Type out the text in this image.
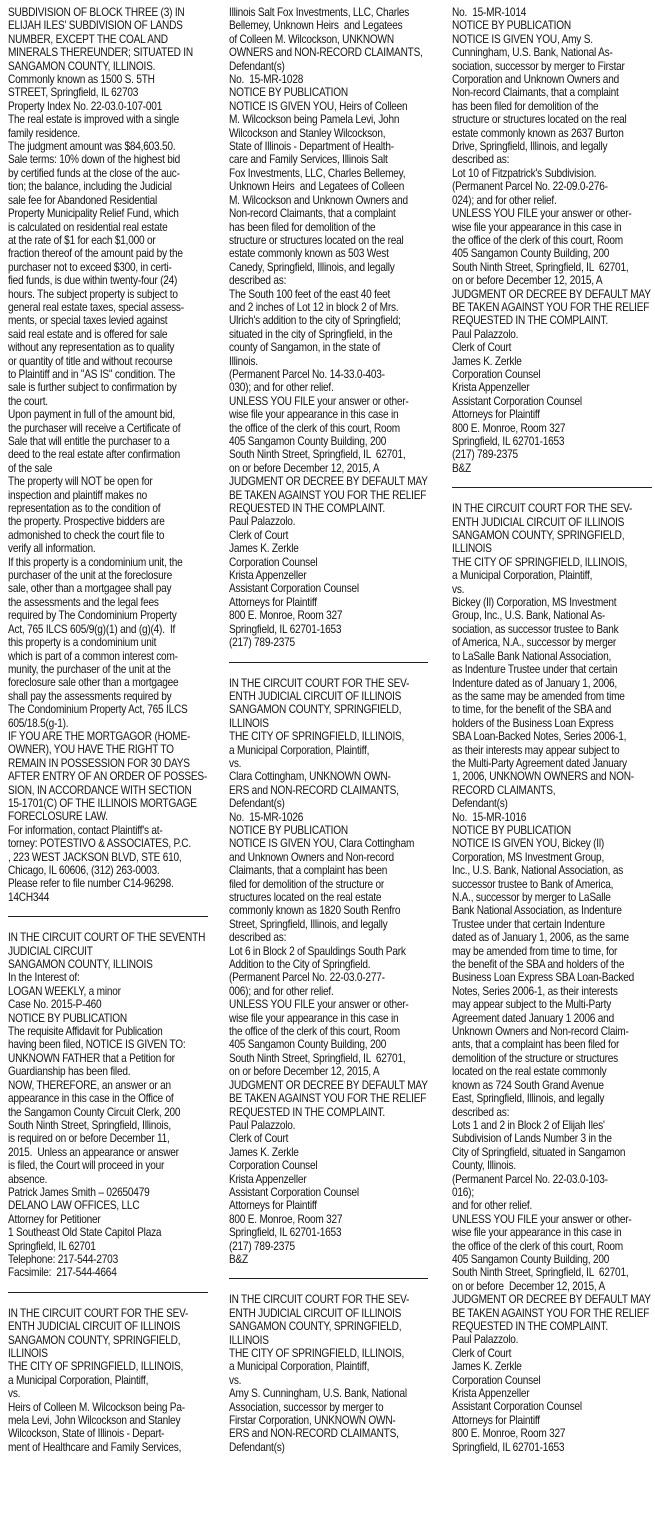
SUBDIVISION OF BLOCK THREE (3) IN
ELIJAH ILES' SUBDIVISION OF LANDS
NUMBER, EXCEPT THE COAL AND
MINERALS THEREUNDER; SITUATED IN
SANGAMON COUNTY, ILLINOIS.
Commonly known as 1500 S. 5TH
STREET, Springfield, IL 62703
Property Index No. 22-03.0-107-001
The real estate is improved with a single
family residence.
The judgment amount was $84,603.50.
Sale terms: 10% down of the highest bid
by certified funds at the close of the auc-
tion; the balance, including the Judicial
sale fee for Abandoned Residential
Property Municipality Relief Fund, which
is calculated on residential real estate
at the rate of $1 for each $1,000 or
fraction thereof of the amount paid by the
purchaser not to exceed $300, in certi-
fied funds, is due within twenty-four (24)
hours. The subject property is subject to
general real estate taxes, special assess-
ments, or special taxes levied against
said real estate and is offered for sale
without any representation as to quality
or quantity of title and without recourse
to Plaintiff and in "AS IS" condition. The
sale is further subject to confirmation by
the court.
Upon payment in full of the amount bid,
the purchaser will receive a Certificate of
Sale that will entitle the purchaser to a
deed to the real estate after confirmation
of the sale
The property will NOT be open for
inspection and plaintiff makes no
representation as to the condition of
the property. Prospective bidders are
admonished to check the court file to
verify all information.
If this property is a condominium unit, the
purchaser of the unit at the foreclosure
sale, other than a mortgagee shall pay
the assessments and the legal fees
required by The Condominium Property
Act, 765 ILCS 605/9(g)(1) and (g)(4).  If
this property is a condominium unit
which is part of a common interest com-
munity, the purchaser of the unit at the
foreclosure sale other than a mortgagee
shall pay the assessments required by
The Condominium Property Act, 765 ILCS
605/18.5(g-1).
IF YOU ARE THE MORTGAGOR (HOME-
OWNER), YOU HAVE THE RIGHT TO
REMAIN IN POSSESSION FOR 30 DAYS
AFTER ENTRY OF AN ORDER OF POSSES-
SION, IN ACCORDANCE WITH SECTION
15-1701(C) OF THE ILLINOIS MORTGAGE
FORECLOSURE LAW.
For information, contact Plaintiff's at-
torney: POTESTIVO & ASSOCIATES, P.C.
, 223 WEST JACKSON BLVD, STE 610,
Chicago, IL 60606, (312) 263-0003.
Please refer to file number C14-96298.
14CH344
IN THE CIRCUIT COURT OF THE SEVENTH
JUDICIAL CIRCUIT
SANGAMON COUNTY, ILLINOIS
In the Interest of:
LOGAN WEEKLY, a minor
Case No. 2015-P-460
NOTICE BY PUBLICATION
The requisite Affidavit for Publication
having been filed, NOTICE IS GIVEN TO:
UNKNOWN FATHER that a Petition for
Guardianship has been filed.
NOW, THEREFORE, an answer or an
appearance in this case in the Office of
the Sangamon County Circuit Clerk, 200
South Ninth Street, Springfield, Illinois,
is required on or before December 11,
2015.  Unless an appearance or answer
is filed, the Court will proceed in your
absence.
Patrick James Smith – 02650479
DELANO LAW OFFICES, LLC
Attorney for Petitioner
1 Southeast Old State Capitol Plaza
Springfield, IL 62701
Telephone: 217-544-2703
Facsimile:  217-544-4664
IN THE CIRCUIT COURT FOR THE SEV-
ENTH JUDICIAL CIRCUIT OF ILLINOIS
SANGAMON COUNTY, SPRINGFIELD,
ILLINOIS
THE CITY OF SPRINGFIELD, ILLINOIS,
a Municipal Corporation, Plaintiff,
vs.
Heirs of Colleen M. Wilcockson being Pa-
mela Levi, John Wilcockson and Stanley
Wilcockson, State of Illinois - Depart-
ment of Healthcare and Family Services,
Illinois Salt Fox Investments, LLC, Charles
Bellemey, Unknown Heirs  and Legatees
of Colleen M. Wilcockson, UNKNOWN
OWNERS and NON-RECORD CLAIMANTS,
Defendant(s)
No.  15-MR-1028
NOTICE BY PUBLICATION
NOTICE IS GIVEN YOU, Heirs of Colleen
M. Wilcockson being Pamela Levi, John
Wilcockson and Stanley Wilcockson,
State of Illinois - Department of Health-
care and Family Services, Illinois Salt
Fox Investments, LLC, Charles Bellemey,
Unknown Heirs  and Legatees of Colleen
M. Wilcockson and Unknown Owners and
Non-record Claimants, that a complaint
has been filed for demolition of the
structure or structures located on the real
estate commonly known as 503 West
Canedy, Springfield, Illinois, and legally
described as:
The South 100 feet of the east 40 feet
and 2 inches of Lot 12 in block 2 of Mrs.
Ulrich's addition to the city of Springfield;
situated in the city of Springfield, in the
county of Sangamon, in the state of
Illinois.
(Permanent Parcel No. 14-33.0-403-
030); and for other relief.
UNLESS YOU FILE your answer or other-
wise file your appearance in this case in
the office of the clerk of this court, Room
405 Sangamon County Building, 200
South Ninth Street, Springfield, IL  62701,
on or before December 12, 2015, A
JUDGMENT OR DECREE BY DEFAULT MAY
BE TAKEN AGAINST YOU FOR THE RELIEF
REQUESTED IN THE COMPLAINT.
Paul Palazzolo.
Clerk of Court
James K. Zerkle
Corporation Counsel
Krista Appenzeller
Assistant Corporation Counsel
Attorneys for Plaintiff
800 E. Monroe, Room 327
Springfield, IL 62701-1653
(217) 789-2375
IN THE CIRCUIT COURT FOR THE SEV-
ENTH JUDICIAL CIRCUIT OF ILLINOIS
SANGAMON COUNTY, SPRINGFIELD,
ILLINOIS
THE CITY OF SPRINGFIELD, ILLINOIS,
a Municipal Corporation, Plaintiff,
vs.
Clara Cottingham, UNKNOWN OWN-
ERS and NON-RECORD CLAIMANTS,
Defendant(s)
No.  15-MR-1026
NOTICE BY PUBLICATION
NOTICE IS GIVEN YOU, Clara Cottingham
and Unknown Owners and Non-record
Claimants, that a complaint has been
filed for demolition of the structure or
structures located on the real estate
commonly known as 1820 South Renfro
Street, Springfield, Illinois, and legally
described as:
Lot 6 in Block 2 of Spauldings South Park
Addition to the City of Springfield.
(Permanent Parcel No. 22-03.0-277-
006); and for other relief.
UNLESS YOU FILE your answer or other-
wise file your appearance in this case in
the office of the clerk of this court, Room
405 Sangamon County Building, 200
South Ninth Street, Springfield, IL  62701,
on or before December 12, 2015, A
JUDGMENT OR DECREE BY DEFAULT MAY
BE TAKEN AGAINST YOU FOR THE RELIEF
REQUESTED IN THE COMPLAINT.
Paul Palazzolo.
Clerk of Court
James K. Zerkle
Corporation Counsel
Krista Appenzeller
Assistant Corporation Counsel
Attorneys for Plaintiff
800 E. Monroe, Room 327
Springfield, IL 62701-1653
(217) 789-2375
B&Z
IN THE CIRCUIT COURT FOR THE SEV-
ENTH JUDICIAL CIRCUIT OF ILLINOIS
SANGAMON COUNTY, SPRINGFIELD,
ILLINOIS
THE CITY OF SPRINGFIELD, ILLINOIS,
a Municipal Corporation, Plaintiff,
vs.
Amy S. Cunningham, U.S. Bank, National
Association, successor by merger to
Firstar Corporation, UNKNOWN OWN-
ERS and NON-RECORD CLAIMANTS,
Defendant(s)
No.  15-MR-1014
NOTICE BY PUBLICATION
NOTICE IS GIVEN YOU, Amy S.
Cunningham, U.S. Bank, National As-
sociation, successor by merger to Firstar
Corporation and Unknown Owners and
Non-record Claimants, that a complaint
has been filed for demolition of the
structure or structures located on the real
estate commonly known as 2637 Burton
Drive, Springfield, Illinois, and legally
described as:
Lot 10 of Fitzpatrick's Subdivision.
(Permanent Parcel No. 22-09.0-276-
024); and for other relief.
UNLESS YOU FILE your answer or other-
wise file your appearance in this case in
the office of the clerk of this court, Room
405 Sangamon County Building, 200
South Ninth Street, Springfield, IL  62701,
on or before December 12, 2015, A
JUDGMENT OR DECREE BY DEFAULT MAY
BE TAKEN AGAINST YOU FOR THE RELIEF
REQUESTED IN THE COMPLAINT.
Paul Palazzolo.
Clerk of Court
James K. Zerkle
Corporation Counsel
Krista Appenzeller
Assistant Corporation Counsel
Attorneys for Plaintiff
800 E. Monroe, Room 327
Springfield, IL 62701-1653
(217) 789-2375
B&Z
IN THE CIRCUIT COURT FOR THE SEV-
ENTH JUDICIAL CIRCUIT OF ILLINOIS
SANGAMON COUNTY, SPRINGFIELD,
ILLINOIS
THE CITY OF SPRINGFIELD, ILLINOIS,
a Municipal Corporation, Plaintiff,
vs.
Bickey (Il) Corporation, MS Investment
Group, Inc., U.S. Bank, National As-
sociation, as successor trustee to Bank
of America, N.A., successor by merger
to LaSalle Bank National Association,
as Indenture Trustee under that certain
Indenture dated as of January 1, 2006,
as the same may be amended from time
to time, for the benefit of the SBA and
holders of the Business Loan Express
SBA Loan-Backed Notes, Series 2006-1,
as their interests may appear subject to
the Multi-Party Agreement dated January
1, 2006, UNKNOWN OWNERS and NON-
RECORD CLAIMANTS,
Defendant(s)
No.  15-MR-1016
NOTICE BY PUBLICATION
NOTICE IS GIVEN YOU, Bickey (Il)
Corporation, MS Investment Group,
Inc., U.S. Bank, National Association, as
successor trustee to Bank of America,
N.A., successor by merger to LaSalle
Bank National Association, as Indenture
Trustee under that certain Indenture
dated as of January 1, 2006, as the same
may be amended from time to time, for
the benefit of the SBA and holders of the
Business Loan Express SBA Loan-Backed
Notes, Series 2006-1, as their interests
may appear subject to the Multi-Party
Agreement dated January 1 2006 and
Unknown Owners and Non-record Claim-
ants, that a complaint has been filed for
demolition of the structure or structures
located on the real estate commonly
known as 724 South Grand Avenue
East, Springfield, Illinois, and legally
described as:
Lots 1 and 2 in Block 2 of Elijah Iles'
Subdivision of Lands Number 3 in the
City of Springfield, situated in Sangamon
County, Illinois.
(Permanent Parcel No. 22-03.0-103-
016);
and for other relief.
UNLESS YOU FILE your answer or other-
wise file your appearance in this case in
the office of the clerk of this court, Room
405 Sangamon County Building, 200
South Ninth Street, Springfield, IL  62701,
on or before  December 12, 2015, A
JUDGMENT OR DECREE BY DEFAULT MAY
BE TAKEN AGAINST YOU FOR THE RELIEF
REQUESTED IN THE COMPLAINT.
Paul Palazzolo.
Clerk of Court
James K. Zerkle
Corporation Counsel
Krista Appenzeller
Assistant Corporation Counsel
Attorneys for Plaintiff
800 E. Monroe, Room 327
Springfield, IL 62701-1653
